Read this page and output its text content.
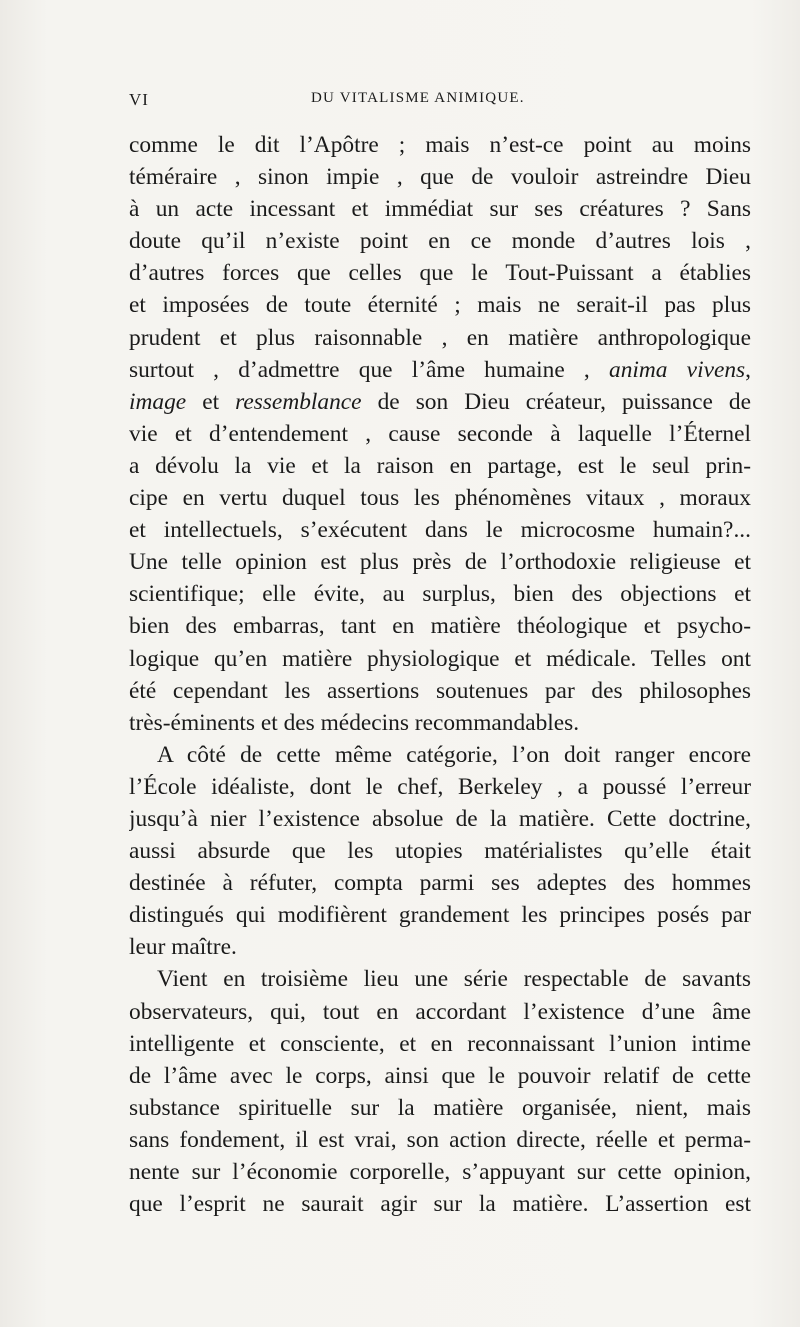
VI	DU VITALISME ANIMIQUE.
comme le dit l’Apôtre ; mais n’est-ce point au moins
téméraire , sinon impie , que de vouloir astreindre Dieu
à un acte incessant et immédiat sur ses créatures ? Sans
doute qu’il n’existe point en ce monde d’autres lois ,
d’autres forces que celles que le Tout-Puissant a établies
et imposées de toute éternité ; mais ne serait-il pas plus
prudent et plus raisonnable , en matière anthropologique
surtout , d’admettre que l’âme humaine , anima vivens,
image et ressemblance de son Dieu créateur, puissance de
vie et d’entendement , cause seconde à laquelle l’Éternel
a dévolu la vie et la raison en partage, est le seul prin-
cipe en vertu duquel tous les phénomènes vitaux , moraux
et intellectuels, s’exécutent dans le microcosme humain?...
Une telle opinion est plus près de l’orthodoxie religieuse et
scientifique; elle évite, au surplus, bien des objections et
bien des embarras, tant en matière théologique et psycho-
logique qu’en matière physiologique et médicale. Telles ont
été cependant les assertions soutenues par des philosophes
très-éminents et des médecins recommandables.
A côté de cette même catégorie, l’on doit ranger encore
l’École idéaliste, dont le chef, Berkeley , a poussé l’erreur
jusqu’à nier l’existence absolue de la matière. Cette doctrine,
aussi absurde que les utopies matérialistes qu’elle était
destinée à réfuter, compta parmi ses adeptes des hommes
distingués qui modifièrent grandement les principes posés par
leur maître.
Vient en troisième lieu une série respectable de savants
observateurs, qui, tout en accordant l’existence d’une âme
intelligente et consciente, et en reconnaissant l’union intime
de l’âme avec le corps, ainsi que le pouvoir relatif de cette
substance spirituelle sur la matière organisée, nient, mais
sans fondement, il est vrai, son action directe, réelle et perma-
nente sur l’économie corporelle, s’appuyant sur cette opinion,
que l’esprit ne saurait agir sur la matière. L’assertion est
